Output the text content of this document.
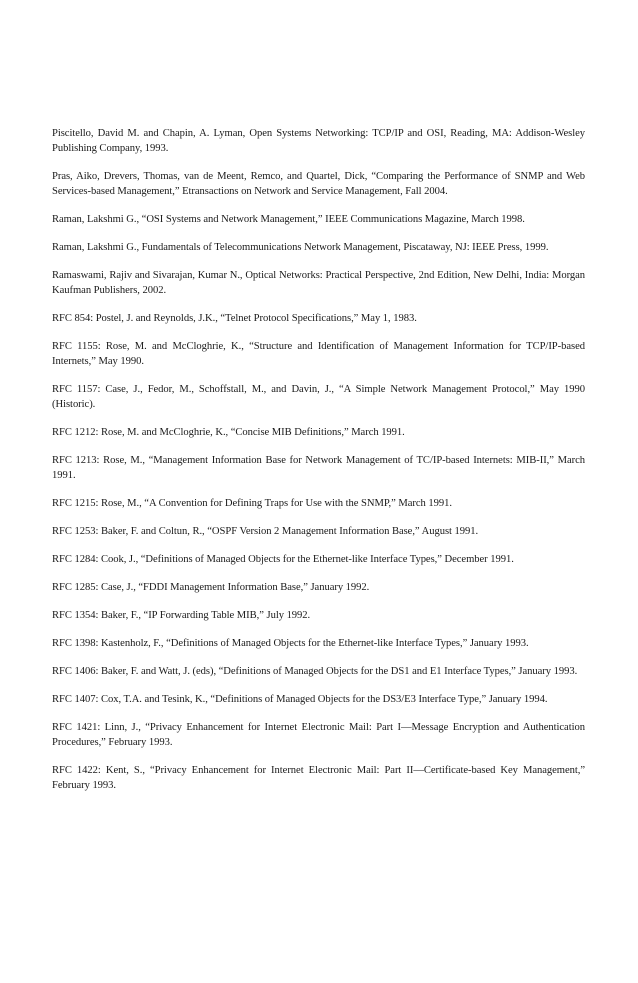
Piscitello, David M. and Chapin, A. Lyman, Open Systems Networking: TCP/IP and OSI, Reading, MA: Addison-Wesley Publishing Company, 1993.
Pras, Aiko, Drevers, Thomas, van de Meent, Remco, and Quartel, Dick, “Comparing the Performance of SNMP and Web Services-based Management,” Etransactions on Network and Service Management, Fall 2004.
Raman, Lakshmi G., “OSI Systems and Network Management,” IEEE Communications Magazine, March 1998.
Raman, Lakshmi G., Fundamentals of Telecommunications Network Management, Piscataway, NJ: IEEE Press, 1999.
Ramaswami, Rajiv and Sivarajan, Kumar N., Optical Networks: Practical Perspective, 2nd Edition, New Delhi, India: Morgan Kaufman Publishers, 2002.
RFC 854: Postel, J. and Reynolds, J.K., “Telnet Protocol Specifications,” May 1, 1983.
RFC 1155: Rose, M. and McCloghrie, K., “Structure and Identification of Management Information for TCP/IP-based Internets,” May 1990.
RFC 1157: Case, J., Fedor, M., Schoffstall, M., and Davin, J., “A Simple Network Management Protocol,” May 1990 (Historic).
RFC 1212: Rose, M. and McCloghrie, K., “Concise MIB Definitions,” March 1991.
RFC 1213: Rose, M., “Management Information Base for Network Management of TC/IP-based Internets: MIB-II,” March 1991.
RFC 1215: Rose, M., “A Convention for Defining Traps for Use with the SNMP,” March 1991.
RFC 1253: Baker, F. and Coltun, R., “OSPF Version 2 Management Information Base,” August 1991.
RFC 1284: Cook, J., “Definitions of Managed Objects for the Ethernet-like Interface Types,” December 1991.
RFC 1285: Case, J., “FDDI Management Information Base,” January 1992.
RFC 1354: Baker, F., “IP Forwarding Table MIB,” July 1992.
RFC 1398: Kastenholz, F., “Definitions of Managed Objects for the Ethernet-like Interface Types,” January 1993.
RFC 1406: Baker, F. and Watt, J. (eds), “Definitions of Managed Objects for the DS1 and E1 Interface Types,” January 1993.
RFC 1407: Cox, T.A. and Tesink, K., “Definitions of Managed Objects for the DS3/E3 Interface Type,” January 1994.
RFC 1421: Linn, J., “Privacy Enhancement for Internet Electronic Mail: Part I—Message Encryption and Authentication Procedures,” February 1993.
RFC 1422: Kent, S., “Privacy Enhancement for Internet Electronic Mail: Part II—Certificate-based Key Management,” February 1993.
